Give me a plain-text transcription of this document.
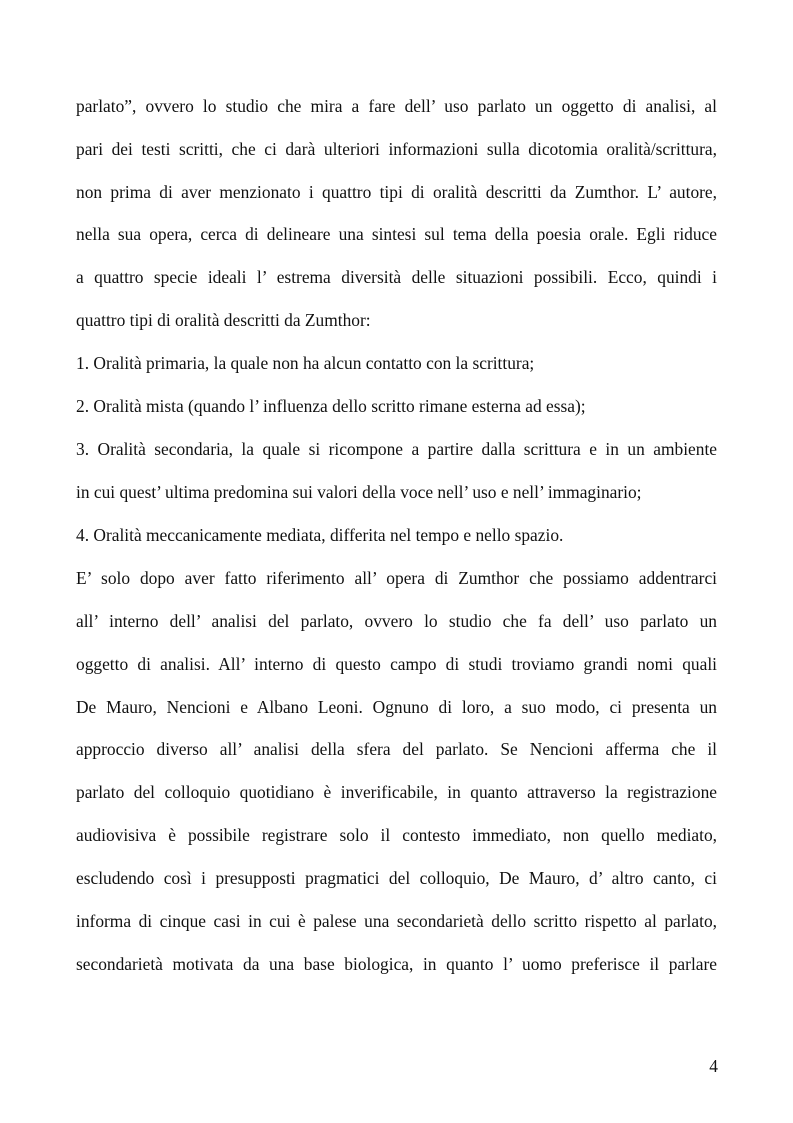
parlato”, ovvero lo studio che mira a fare dell’ uso parlato un oggetto di analisi, al
pari dei testi scritti, che ci darà ulteriori informazioni sulla dicotomia oralità/scrittura,
non prima di aver menzionato i quattro tipi di oralità descritti da Zumthor. L’ autore,
nella sua opera, cerca di delineare una sintesi sul tema della poesia orale. Egli riduce
a quattro specie ideali l’ estrema diversità delle situazioni possibili. Ecco, quindi i
quattro tipi di oralità descritti da Zumthor:
1. Oralità primaria, la quale non ha alcun contatto con la scrittura;
2. Oralità mista (quando l’ influenza dello scritto rimane esterna ad essa);
3. Oralità secondaria, la quale si ricompone a partire dalla scrittura e in un ambiente
in cui quest’ ultima predomina sui valori della voce nell’ uso e nell’ immaginario;
4. Oralità meccanicamente mediata, differita nel tempo e nello spazio.
E’ solo dopo aver fatto riferimento all’ opera di Zumthor che possiamo addentrarci
all’ interno dell’ analisi del parlato, ovvero lo studio che fa dell’ uso parlato un
oggetto di analisi. All’ interno di questo campo di studi troviamo grandi nomi quali
De Mauro, Nencioni e Albano Leoni. Ognuno di loro, a suo modo, ci presenta un
approccio diverso all’ analisi della sfera del parlato. Se Nencioni afferma che il
parlato del colloquio quotidiano è inverificabile, in quanto attraverso la registrazione
audiovisiva è possibile registrare solo il contesto immediato, non quello mediato,
escludendo così i presupposti pragmatici del colloquio, De Mauro, d’ altro canto, ci
informa di cinque casi in cui è palese una secondarietà dello scritto rispetto al parlato,
secondarietà motivata da una base biologica, in quanto l’ uomo preferisce il parlare
4
